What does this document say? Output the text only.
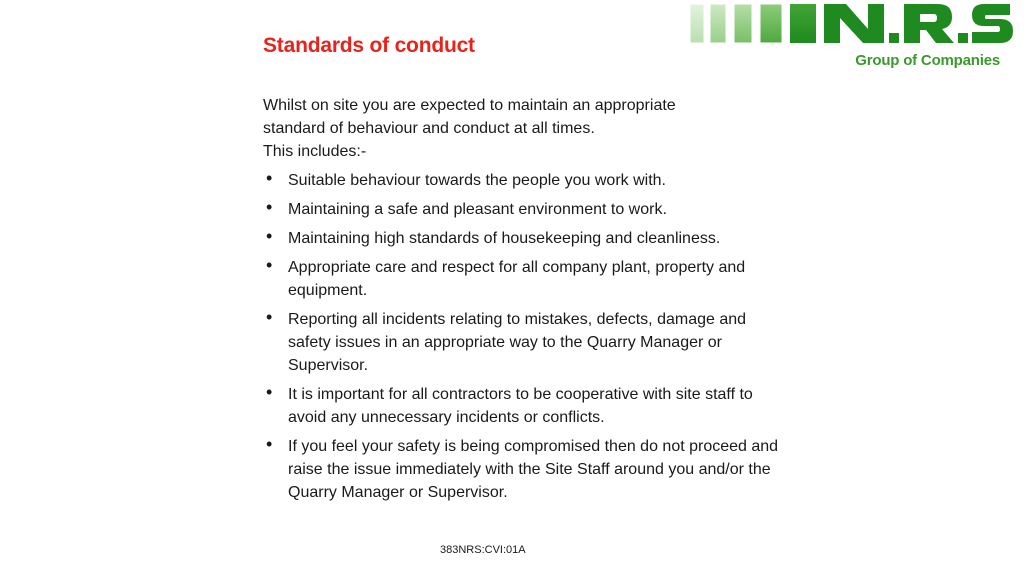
Standards of conduct
Group of Companies

Whilst on site you are expected to maintain an appropriate

standard of behaviour and conduct at all times.

This includes:-

• Suitable behaviour towards the people you work with.
• Maintaining a safe and pleasant environment to work.
• Maintaining high standards of housekeeping and cleanliness.
• Appropriate care and respect for all company plant, property and equipment.
• Reporting all incidents relating to mistakes, defects, damage and safety issues in an appropriate way to the Quarry Manager or Supervisor.
• It is important for all contractors to be cooperative with site staff to avoid any unnecessary incidents or conflicts.
• If you feel your safety is being compromised then do not proceed and raise the issue immediately with the Site Staff around you and/or the Quarry Manager or Supervisor.
383NRS:CVI:01A
